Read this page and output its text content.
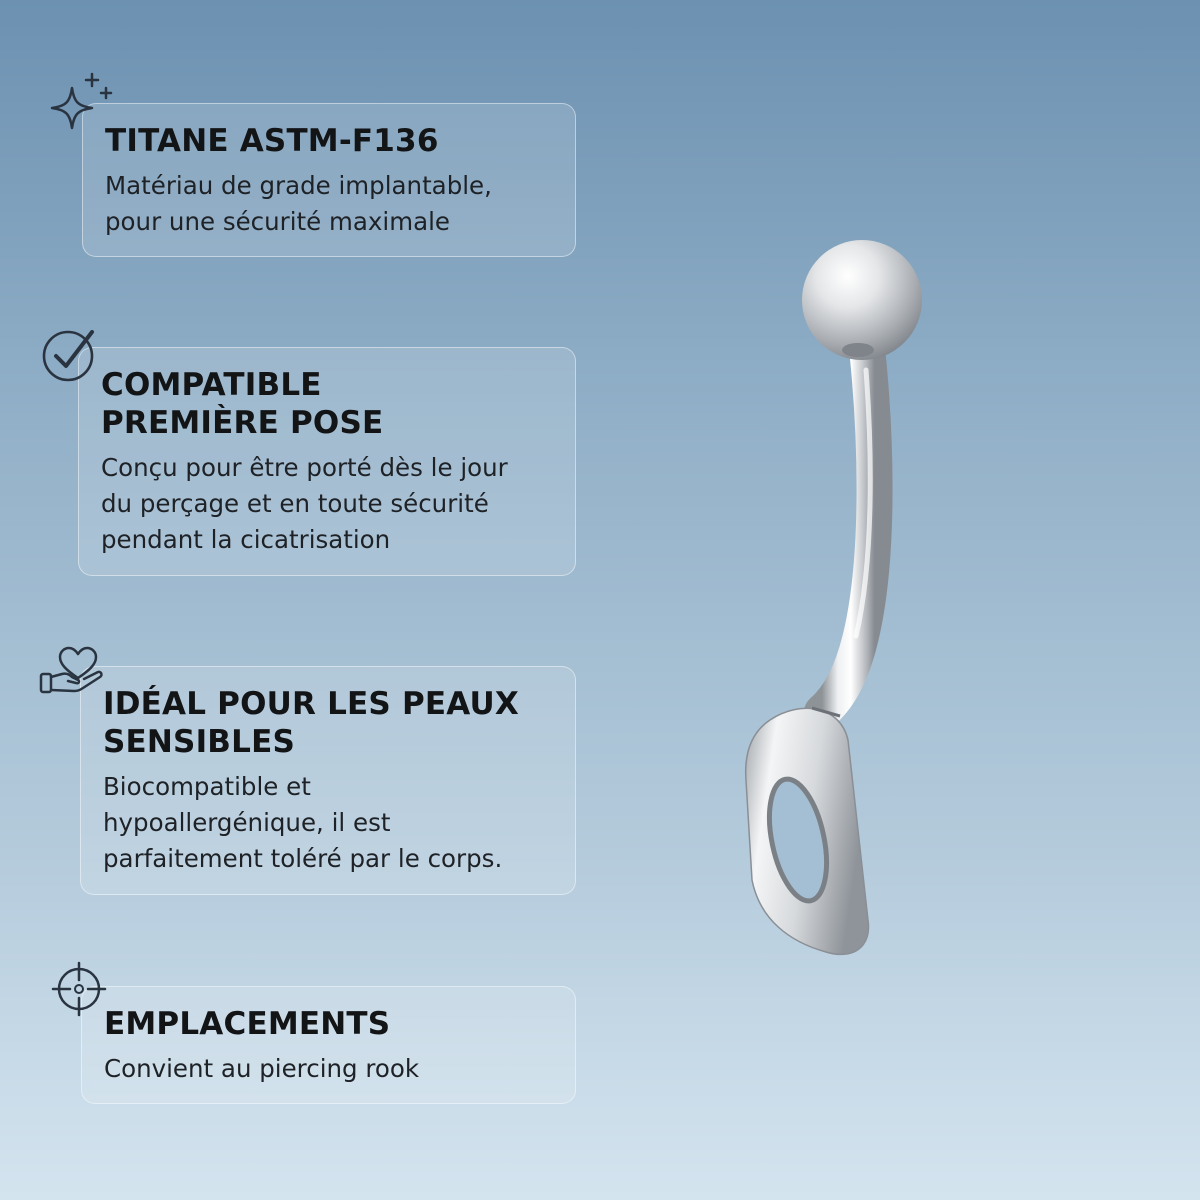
TITANE ASTM-F136

Matériau de grade implantable,
pour une sécurité maximale

COMPATIBLE
PREMIÈRE POSE

Conçu pour être porté dès le jour
du perçage et en toute sécurité
pendant la cicatrisation

IDÉAL POUR LES PEAUX
SENSIBLES

Biocompatible et
hypoallergénique, il est
parfaitement toléré par le corps.

EMPLACEMENTS

Convient au piercing rook
